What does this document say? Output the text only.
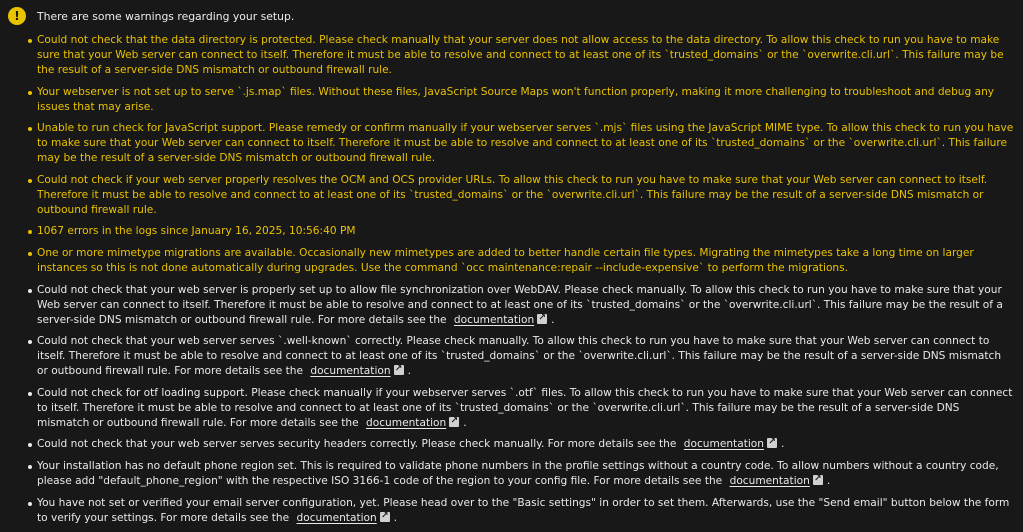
!	There are some warnings regarding your setup.
Could not check that the data directory is protected. Please check manually that your server does not allow access to the data directory. To allow this check to run you have to make sure that your Web server can connect to itself. Therefore it must be able to resolve and connect to at least one of its `trusted_domains` or the `overwrite.cli.url`. This failure may be the result of a server-side DNS mismatch or outbound firewall rule.
Your webserver is not set up to serve `.js.map` files. Without these files, JavaScript Source Maps won't function properly, making it more challenging to troubleshoot and debug any issues that may arise.
Unable to run check for JavaScript support. Please remedy or confirm manually if your webserver serves `.mjs` files using the JavaScript MIME type. To allow this check to run you have to make sure that your Web server can connect to itself. Therefore it must be able to resolve and connect to at least one of its `trusted_domains` or the `overwrite.cli.url`. This failure may be the result of a server-side DNS mismatch or outbound firewall rule.
Could not check if your web server properly resolves the OCM and OCS provider URLs. To allow this check to run you have to make sure that your Web server can connect to itself. Therefore it must be able to resolve and connect to at least one of its `trusted_domains` or the `overwrite.cli.url`. This failure may be the result of a server-side DNS mismatch or outbound firewall rule.
1067 errors in the logs since January 16, 2025, 10:56:40 PM
One or more mimetype migrations are available. Occasionally new mimetypes are added to better handle certain file types. Migrating the mimetypes take a long time on larger instances so this is not done automatically during upgrades. Use the command `occ maintenance:repair --include-expensive` to perform the migrations.
Could not check that your web server is properly set up to allow file synchronization over WebDAV. Please check manually. To allow this check to run you have to make sure that your Web server can connect to itself. Therefore it must be able to resolve and connect to at least one of its `trusted_domains` or the `overwrite.cli.url`. This failure may be the result of a server-side DNS mismatch or outbound firewall rule. For more details see the documentation ↗ .
Could not check that your web server serves `.well-known` correctly. Please check manually. To allow this check to run you have to make sure that your Web server can connect to itself. Therefore it must be able to resolve and connect to at least one of its `trusted_domains` or the `overwrite.cli.url`. This failure may be the result of a server-side DNS mismatch or outbound firewall rule. For more details see the documentation ↗ .
Could not check for otf loading support. Please check manually if your webserver serves `.otf` files. To allow this check to run you have to make sure that your Web server can connect to itself. Therefore it must be able to resolve and connect to at least one of its `trusted_domains` or the `overwrite.cli.url`. This failure may be the result of a server-side DNS mismatch or outbound firewall rule. For more details see the documentation ↗ .
Could not check that your web server serves security headers correctly. Please check manually. For more details see the documentation ↗ .
Your installation has no default phone region set. This is required to validate phone numbers in the profile settings without a country code. To allow numbers without a country code, please add "default_phone_region" with the respective ISO 3166-1 code of the region to your config file. For more details see the documentation ↗ .
You have not set or verified your email server configuration, yet. Please head over to the "Basic settings" in order to set them. Afterwards, use the "Send email" button below the form to verify your settings. For more details see the documentation ↗ .
